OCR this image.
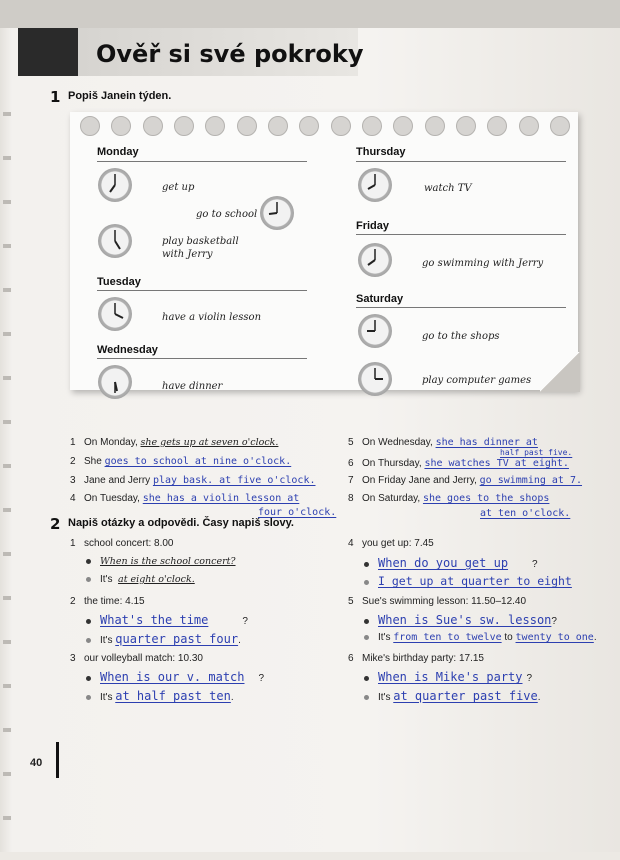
Ověř si své pokroky
1 Popiš Janein týden.
Monday
get up
go to school
play basketball
with Jerry
Tuesday
have a violin lesson
Wednesday
have dinner
Thursday
watch TV
Friday
go swimming with Jerry
Saturday
go to the shops
play computer games
1 On Monday, she gets up at seven o'clock.
2 She goes to school at nine o'clock.
3 Jane and Jerry play bask. at five o'clock.
4 On Tuesday, she has a violin lesson at
four o'clock.
5 On Wednesday, she has dinner at
half past five.
6 On Thursday, she watches TV at eight.
7 On Friday Jane and Jerry, go swimming at 7.
8 On Saturday, she goes to the shops
at ten o'clock.
2 Napiš otázky a odpovědi. Časy napiš slovy.
1 school concert: 8.00
When is the school concert?
It's at eight o'clock.
2 the time: 4.15
What's the time	?
It's quarter past four.
3 our volleyball match: 10.30
When is our v. match ?
It's at half past ten.
4 you get up: 7.45
When do you get up ?
I get up at quarter to eight
5 Sue's swimming lesson: 11.50–12.40
When is Sue's sw. lesson?
It's from ten to twelve to twenty to one.
6 Mike's birthday party: 17.15
When is Mike's party ?
It's at quarter past five.
40
